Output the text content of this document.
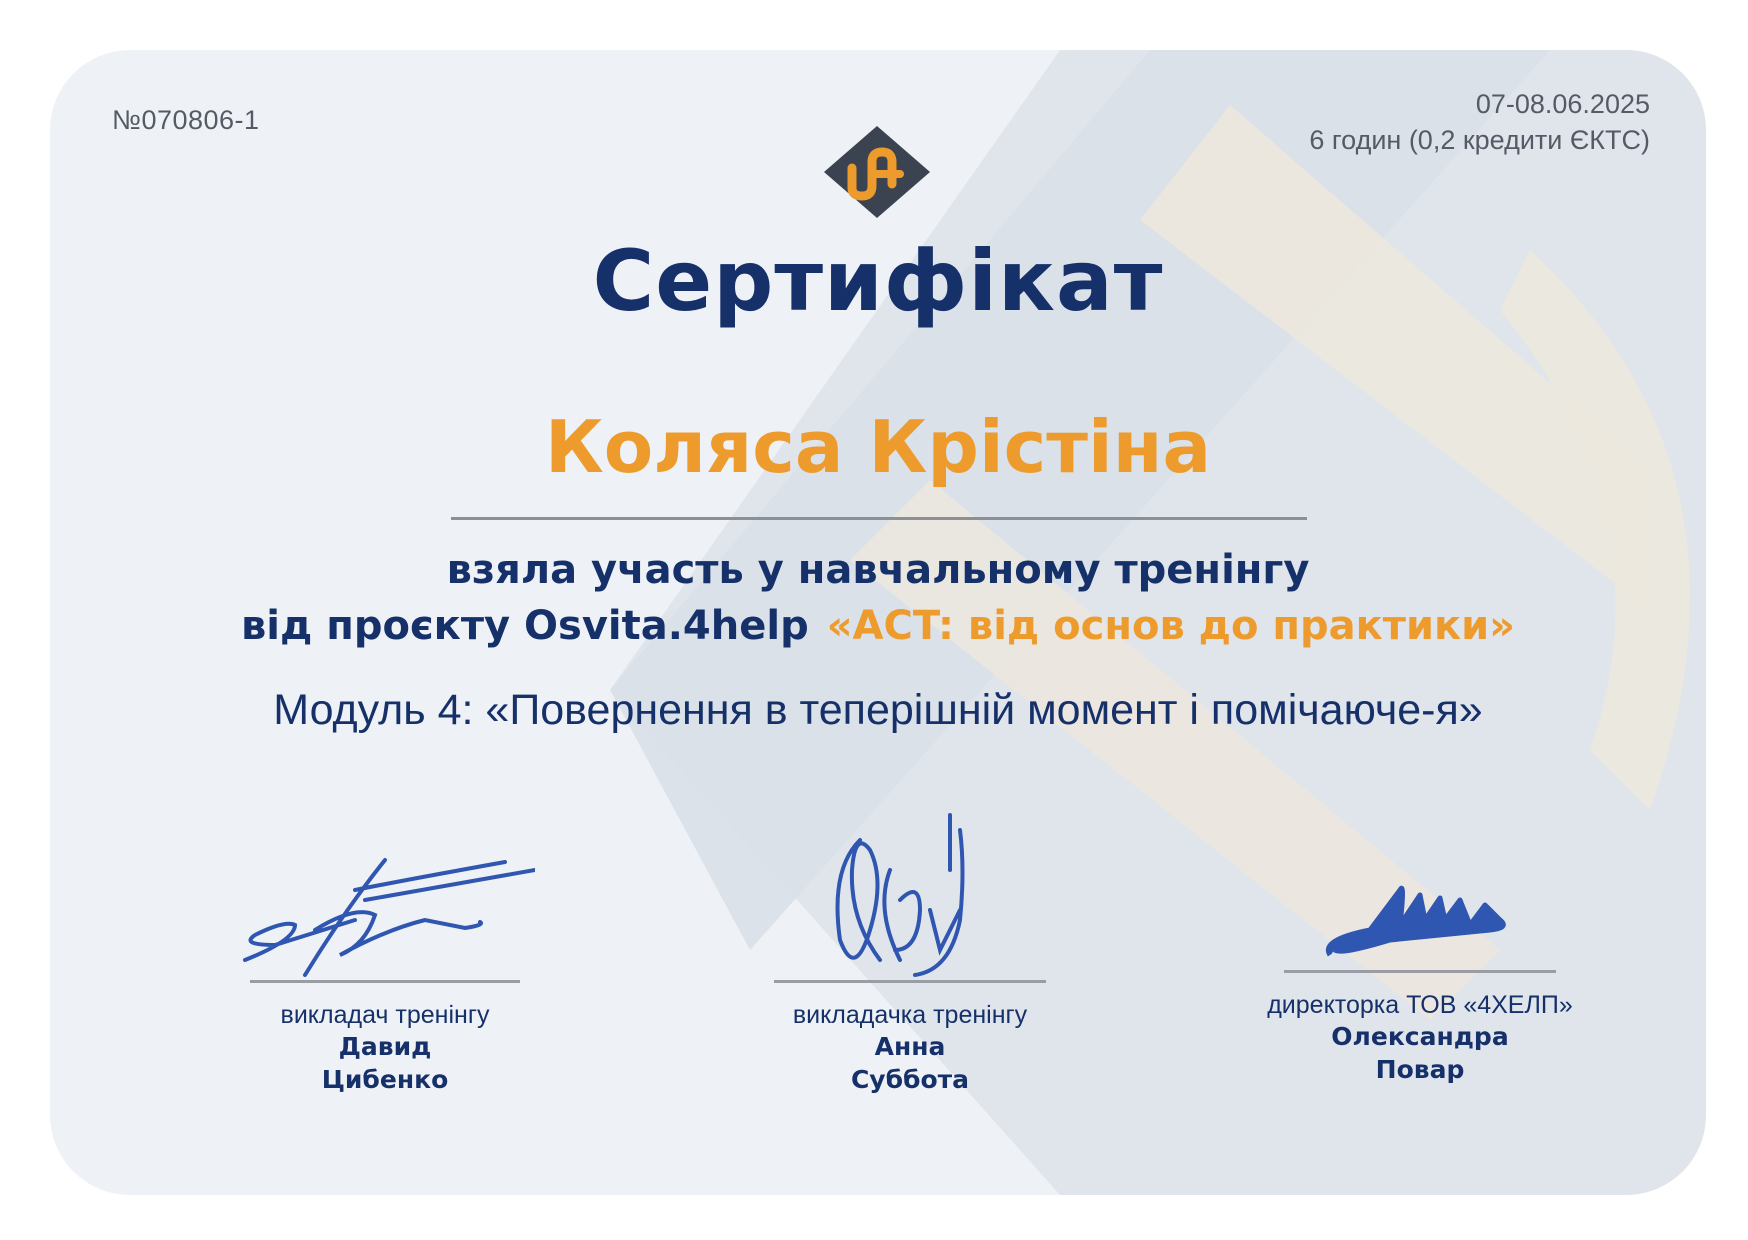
№070806-1
07-08.06.2025
6 годин (0,2 кредити ЄКТС)
Сертифікат
Коляса Крістіна
взяла участь у навчальному тренінгу
від проєкту Osvita.4help «ACT: від основ до практики»
Модуль 4: «Повернення в теперішній момент і помічаюче-я»
викладач тренінгу
Давид
Цибенко
викладачка тренінгу
Анна
Суббота
директорка ТОВ «4ХЕЛП»
Олександра
Повар
